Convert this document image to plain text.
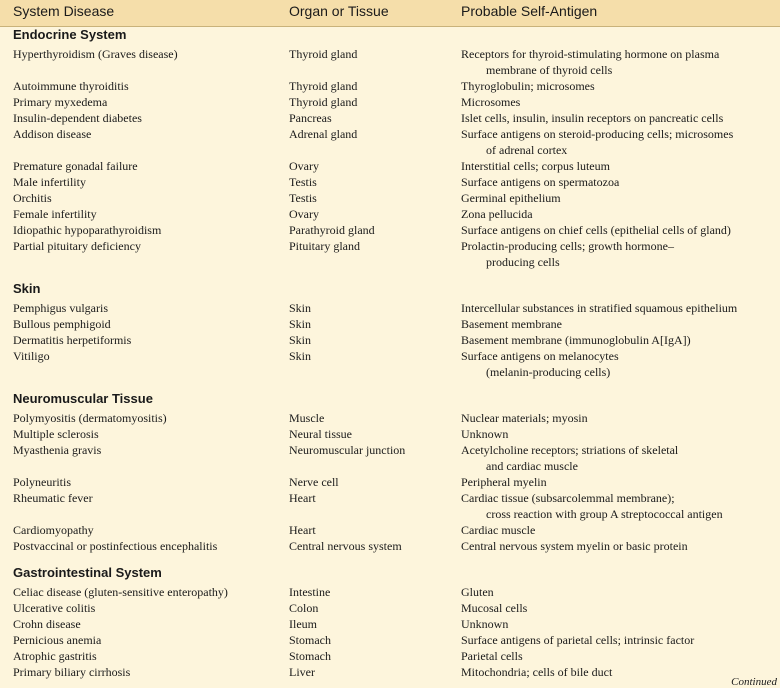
System Disease	Organ or Tissue	Probable Self-Antigen
Endocrine System
Hyperthyroidism (Graves disease)	Thyroid gland	Receptors for thyroid-stimulating hormone on plasma
membrane of thyroid cells
Autoimmune thyroiditis	Thyroid gland	Thyroglobulin; microsomes
Primary myxedema	Thyroid gland	Microsomes
Insulin-dependent diabetes	Pancreas	Islet cells, insulin, insulin receptors on pancreatic cells
Addison disease	Adrenal gland	Surface antigens on steroid-producing cells; microsomes
of adrenal cortex
Premature gonadal failure	Ovary	Interstitial cells; corpus luteum
Male infertility	Testis	Surface antigens on spermatozoa
Orchitis	Testis	Germinal epithelium
Female infertility	Ovary	Zona pellucida
Idiopathic hypoparathyroidism	Parathyroid gland	Surface antigens on chief cells (epithelial cells of gland)
Partial pituitary deficiency	Pituitary gland	Prolactin-producing cells; growth hormone–
producing cells
Skin
Pemphigus vulgaris	Skin	Intercellular substances in stratified squamous epithelium
Bullous pemphigoid	Skin	Basement membrane
Dermatitis herpetiformis	Skin	Basement membrane (immunoglobulin A[IgA])
Vitiligo	Skin	Surface antigens on melanocytes
(melanin-producing cells)
Neuromuscular Tissue
Polymyositis (dermatomyositis)	Muscle	Nuclear materials; myosin
Multiple sclerosis	Neural tissue	Unknown
Myasthenia gravis	Neuromuscular junction	Acetylcholine receptors; striations of skeletal
and cardiac muscle
Polyneuritis	Nerve cell	Peripheral myelin
Rheumatic fever	Heart	Cardiac tissue (subsarcolemmal membrane);
cross reaction with group A streptococcal antigen
Cardiomyopathy	Heart	Cardiac muscle
Postvaccinal or postinfectious encephalitis	Central nervous system	Central nervous system myelin or basic protein
Gastrointestinal System
Celiac disease (gluten-sensitive enteropathy)	Intestine	Gluten
Ulcerative colitis	Colon	Mucosal cells
Crohn disease	Ileum	Unknown
Pernicious anemia	Stomach	Surface antigens of parietal cells; intrinsic factor
Atrophic gastritis	Stomach	Parietal cells
Primary biliary cirrhosis	Liver	Mitochondria; cells of bile duct
Continued
